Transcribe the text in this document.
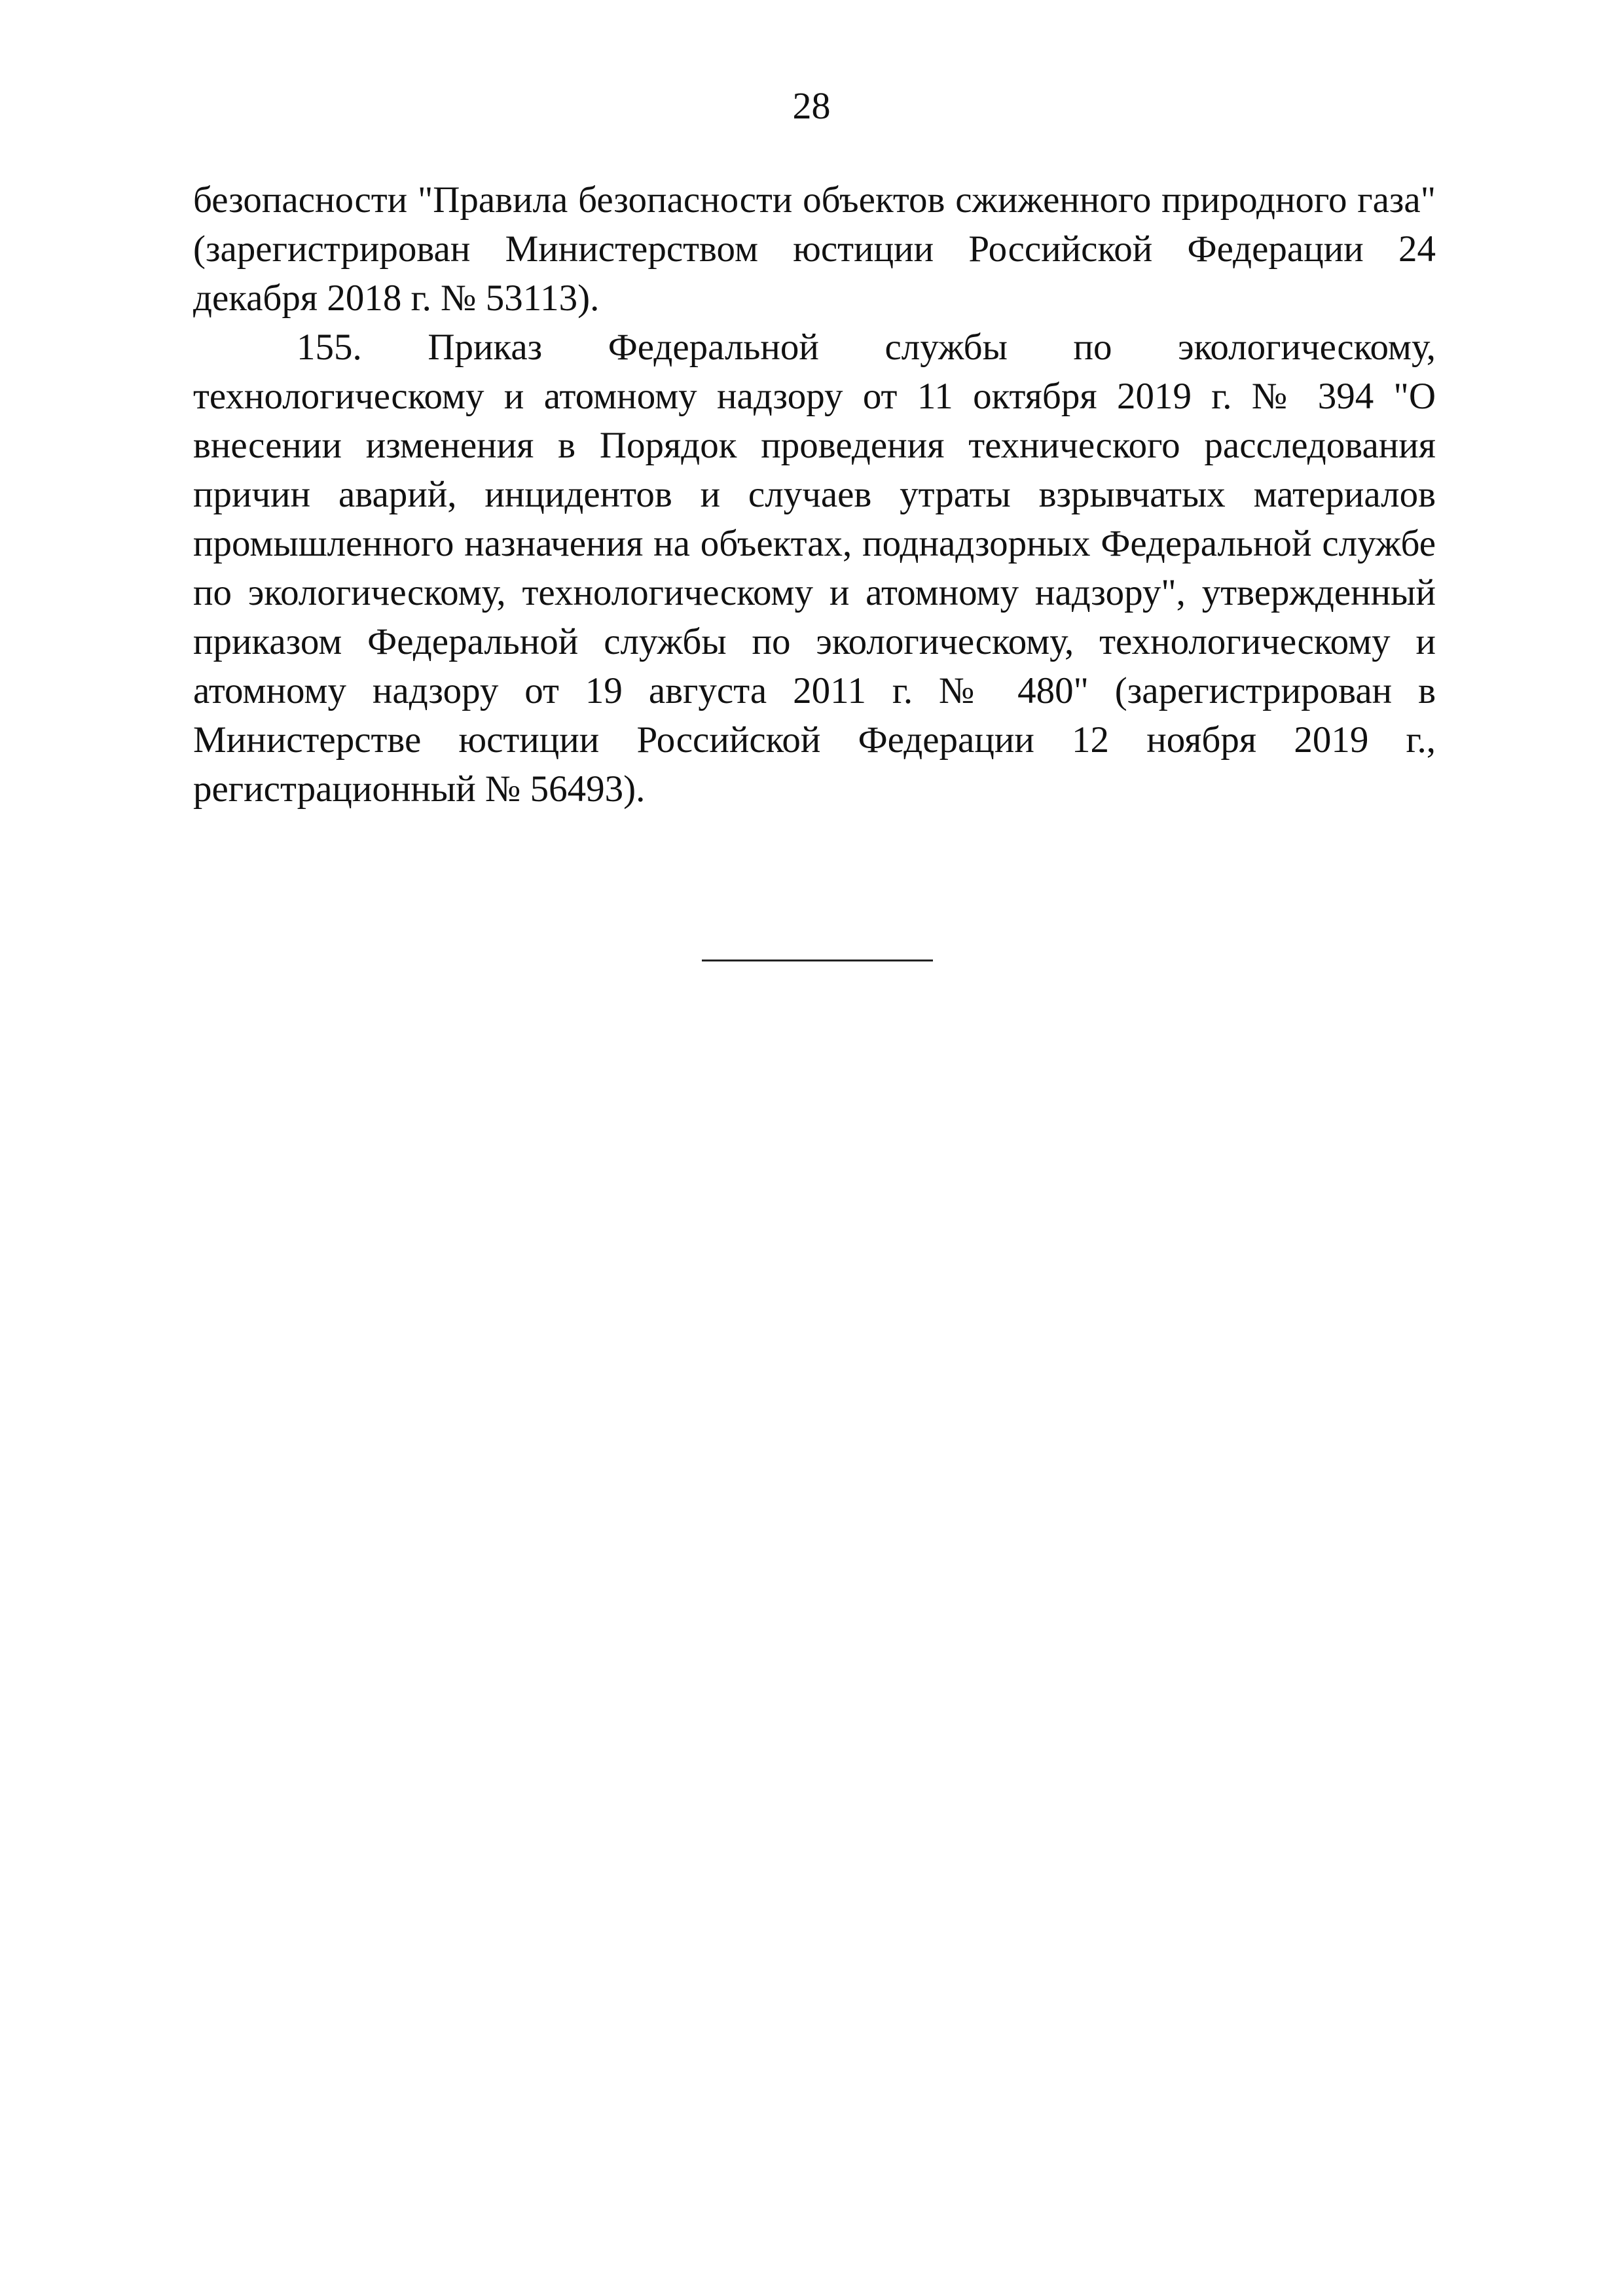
28

безопасности "Правила безопасности объектов сжиженного природного газа" (зарегистрирован Министерством юстиции Российской Федерации 24 декабря 2018 г. № 53113).

155. Приказ Федеральной службы по экологическому, технологическому и атомному надзору от 11 октября 2019 г. № 394 "О внесении изменения в Порядок проведения технического расследования причин аварий, инцидентов и случаев утраты взрывчатых материалов промышленного назначения на объектах, поднадзорных Федеральной службе по экологическому, технологическому и атомному надзору", утвержденный приказом Федеральной службы по экологическому, технологическому и атомному надзору от 19 августа 2011 г. № 480" (зарегистрирован в Министерстве юстиции Российской Федерации 12 ноября 2019 г., регистрационный № 56493).
